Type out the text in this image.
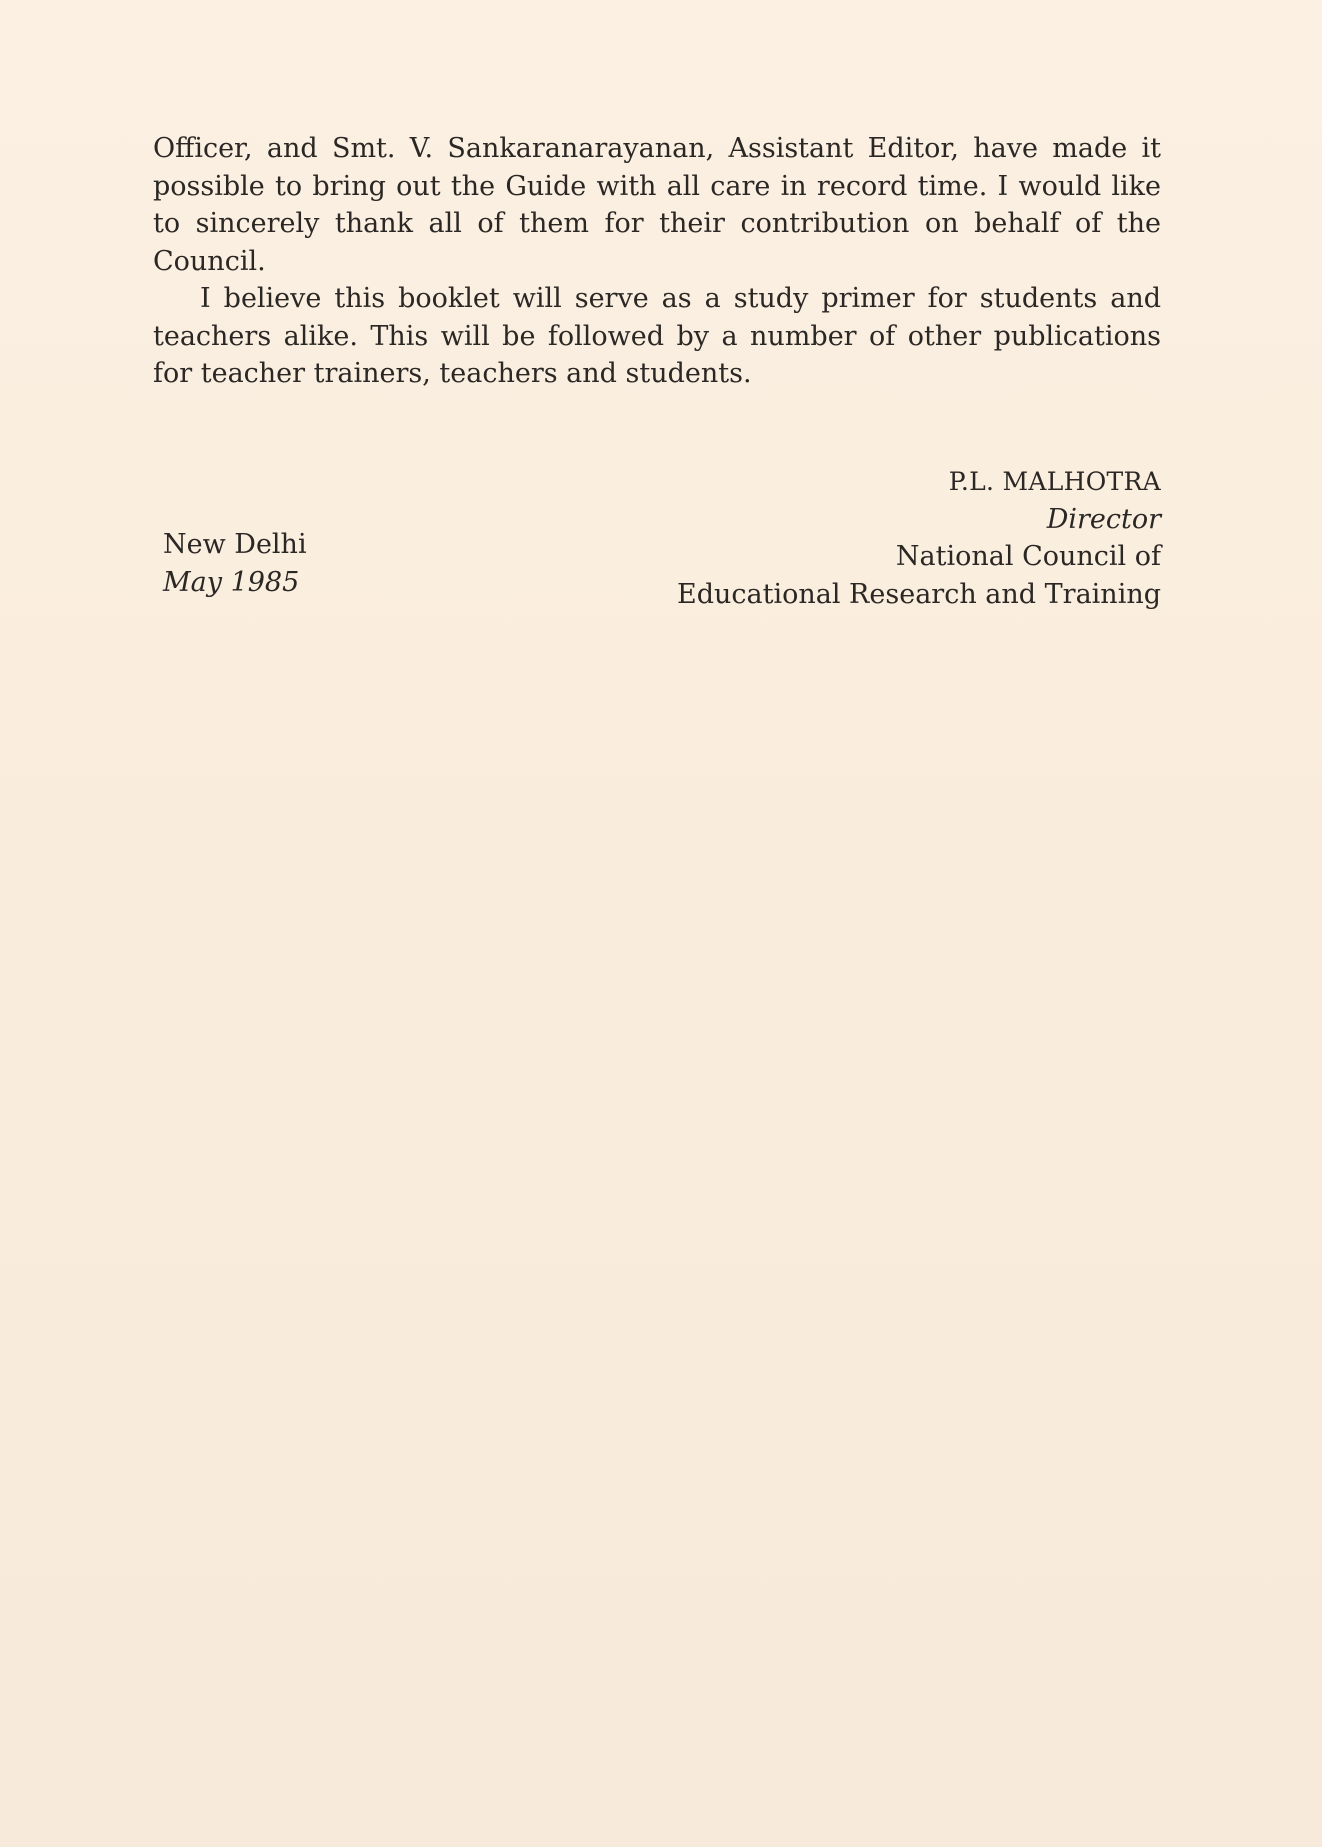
Officer, and Smt. V. Sankaranarayanan, Assistant Editor, have made it possible to bring out the Guide with all care in record time. I would like to sincerely thank all of them for their contribution on behalf of the Council.

I believe this booklet will serve as a study primer for students and teachers alike. This will be followed by a number of other publications for teacher trainers, teachers and students.

P.L. MALHOTRA
Director
National Council of
Educational Research and Training
New Delhi
May 1985
